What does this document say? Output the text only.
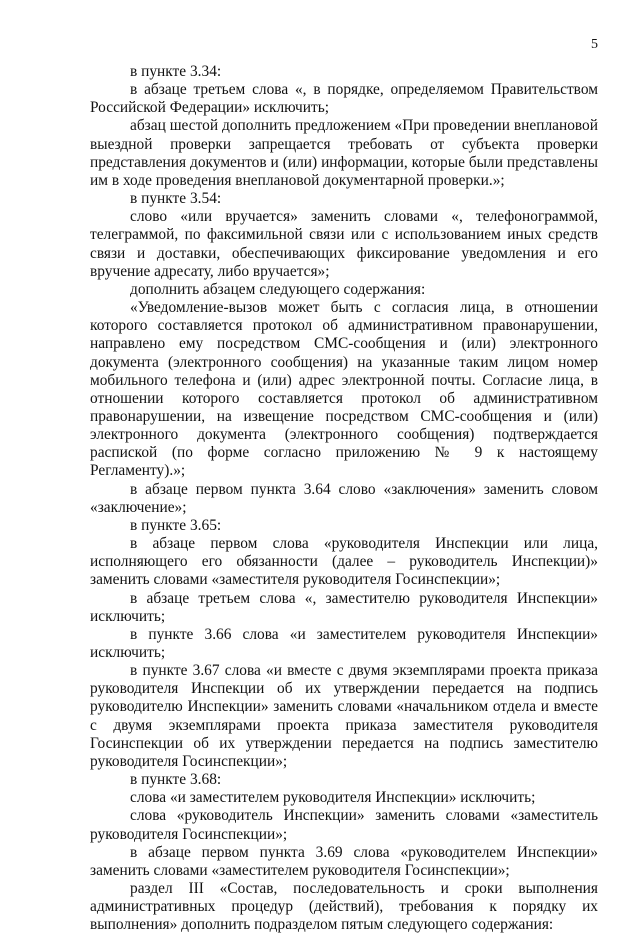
5

в пункте 3.34:

в абзаце третьем слова «, в порядке, определяемом Правительством Российской Федерации» исключить;

абзац шестой дополнить предложением «При проведении внеплановой выездной проверки запрещается требовать от субъекта проверки представления документов и (или) информации, которые были представлены им в ходе проведения внеплановой документарной проверки.»;

в пункте 3.54:

слово «или вручается» заменить словами «, телефонограммой, телеграммой, по факсимильной связи или с использованием иных средств связи и доставки, обеспечивающих фиксирование уведомления и его вручение адресату, либо вручается»;

дополнить абзацем следующего содержания:

«Уведомление-вызов может быть с согласия лица, в отношении которого составляется протокол об административном правонарушении, направлено ему посредством СМС-сообщения и (или) электронного документа (электронного сообщения) на указанные таким лицом номер мобильного телефона и (или) адрес электронной почты. Согласие лица, в отношении которого составляется протокол об административном правонарушении, на извещение посредством СМС-сообщения и (или) электронного документа (электронного сообщения) подтверждается распиской (по форме согласно приложению № 9 к настоящему Регламенту).»;

в абзаце первом пункта 3.64 слово «заключения» заменить словом «заключение»;

в пункте 3.65:

в абзаце первом слова «руководителя Инспекции или лица, исполняющего его обязанности (далее – руководитель Инспекции)» заменить словами «заместителя руководителя Госинспекции»;

в абзаце третьем слова «, заместителю руководителя Инспекции» исключить;

в пункте 3.66 слова «и заместителем руководителя Инспекции» исключить;

в пункте 3.67 слова «и вместе с двумя экземплярами проекта приказа руководителя Инспекции об их утверждении передается на подпись руководителю Инспекции» заменить словами «начальником отдела и вместе с двумя экземплярами проекта приказа заместителя руководителя Госинспекции об их утверждении передается на подпись заместителю руководителя Госинспекции»;

в пункте 3.68:

слова «и заместителем руководителя Инспекции» исключить;

слова «руководитель Инспекции» заменить словами «заместитель руководителя Госинспекции»;

в абзаце первом пункта 3.69 слова «руководителем Инспекции» заменить словами «заместителем руководителя Госинспекции»;

раздел III «Состав, последовательность и сроки выполнения административных процедур (действий), требования к порядку их выполнения» дополнить подразделом пятым следующего содержания:
